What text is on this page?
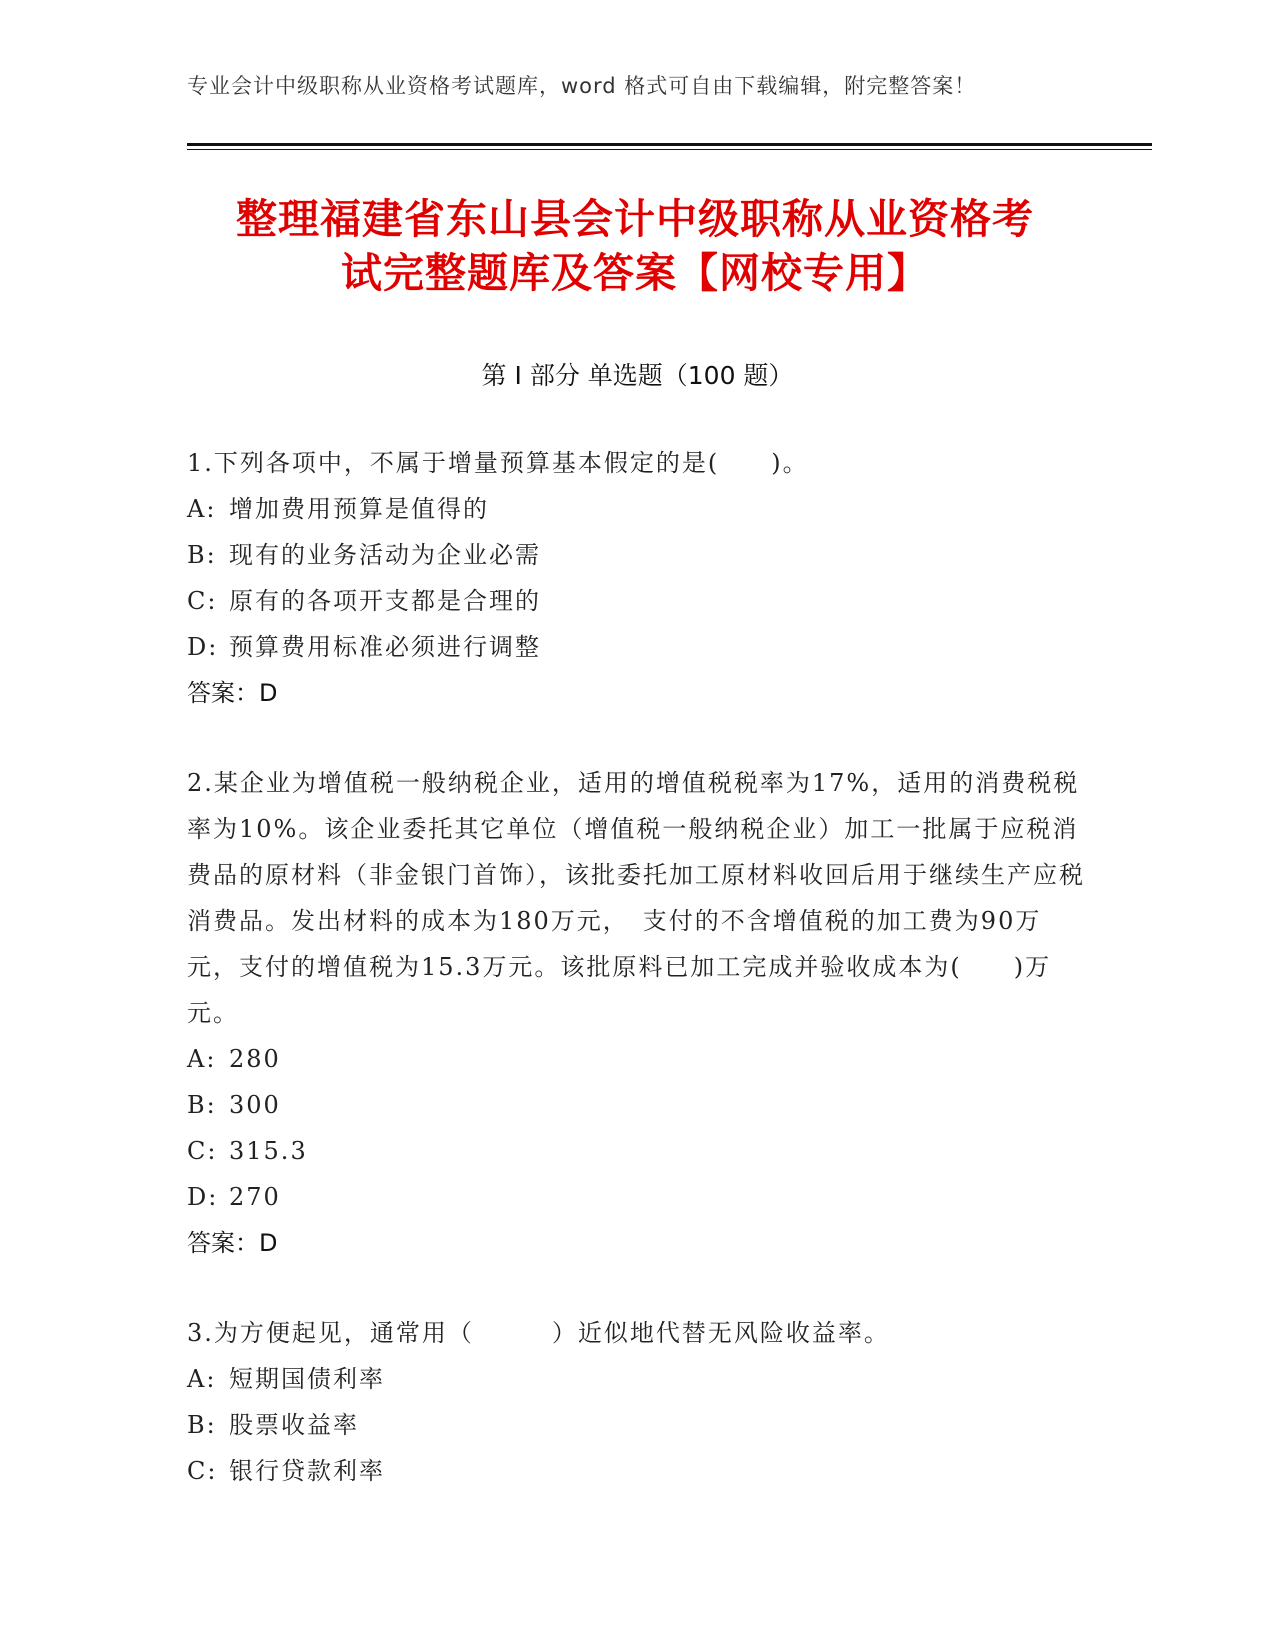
专业会计中级职称从业资格考试题库，word 格式可自由下载编辑，附完整答案！
整理福建省东山县会计中级职称从业资格考
试完整题库及答案【网校专用】
第 I 部分 单选题（100 题）
1.下列各项中，不属于增量预算基本假定的是(　　)。
A: 增加费用预算是值得的
B: 现有的业务活动为企业必需
C: 原有的各项开支都是合理的
D: 预算费用标准必须进行调整
答案：D
2.某企业为增值税一般纳税企业，适用的增值税税率为17%，适用的消费税税率为10%。该企业委托其它单位（增值税一般纳税企业）加工一批属于应税消费品的原材料（非金银门首饰），该批委托加工原材料收回后用于继续生产应税消费品。发出材料的成本为180万元，　支付的不含增值税的加工费为90万元，支付的增值税为15.3万元。该批原料已加工完成并验收成本为(　　)万元。
A: 280
B: 300
C: 315.3
D: 270
答案：D
3.为方便起见，通常用（　　　）近似地代替无风险收益率。
A: 短期国债利率
B: 股票收益率
C: 银行贷款利率
